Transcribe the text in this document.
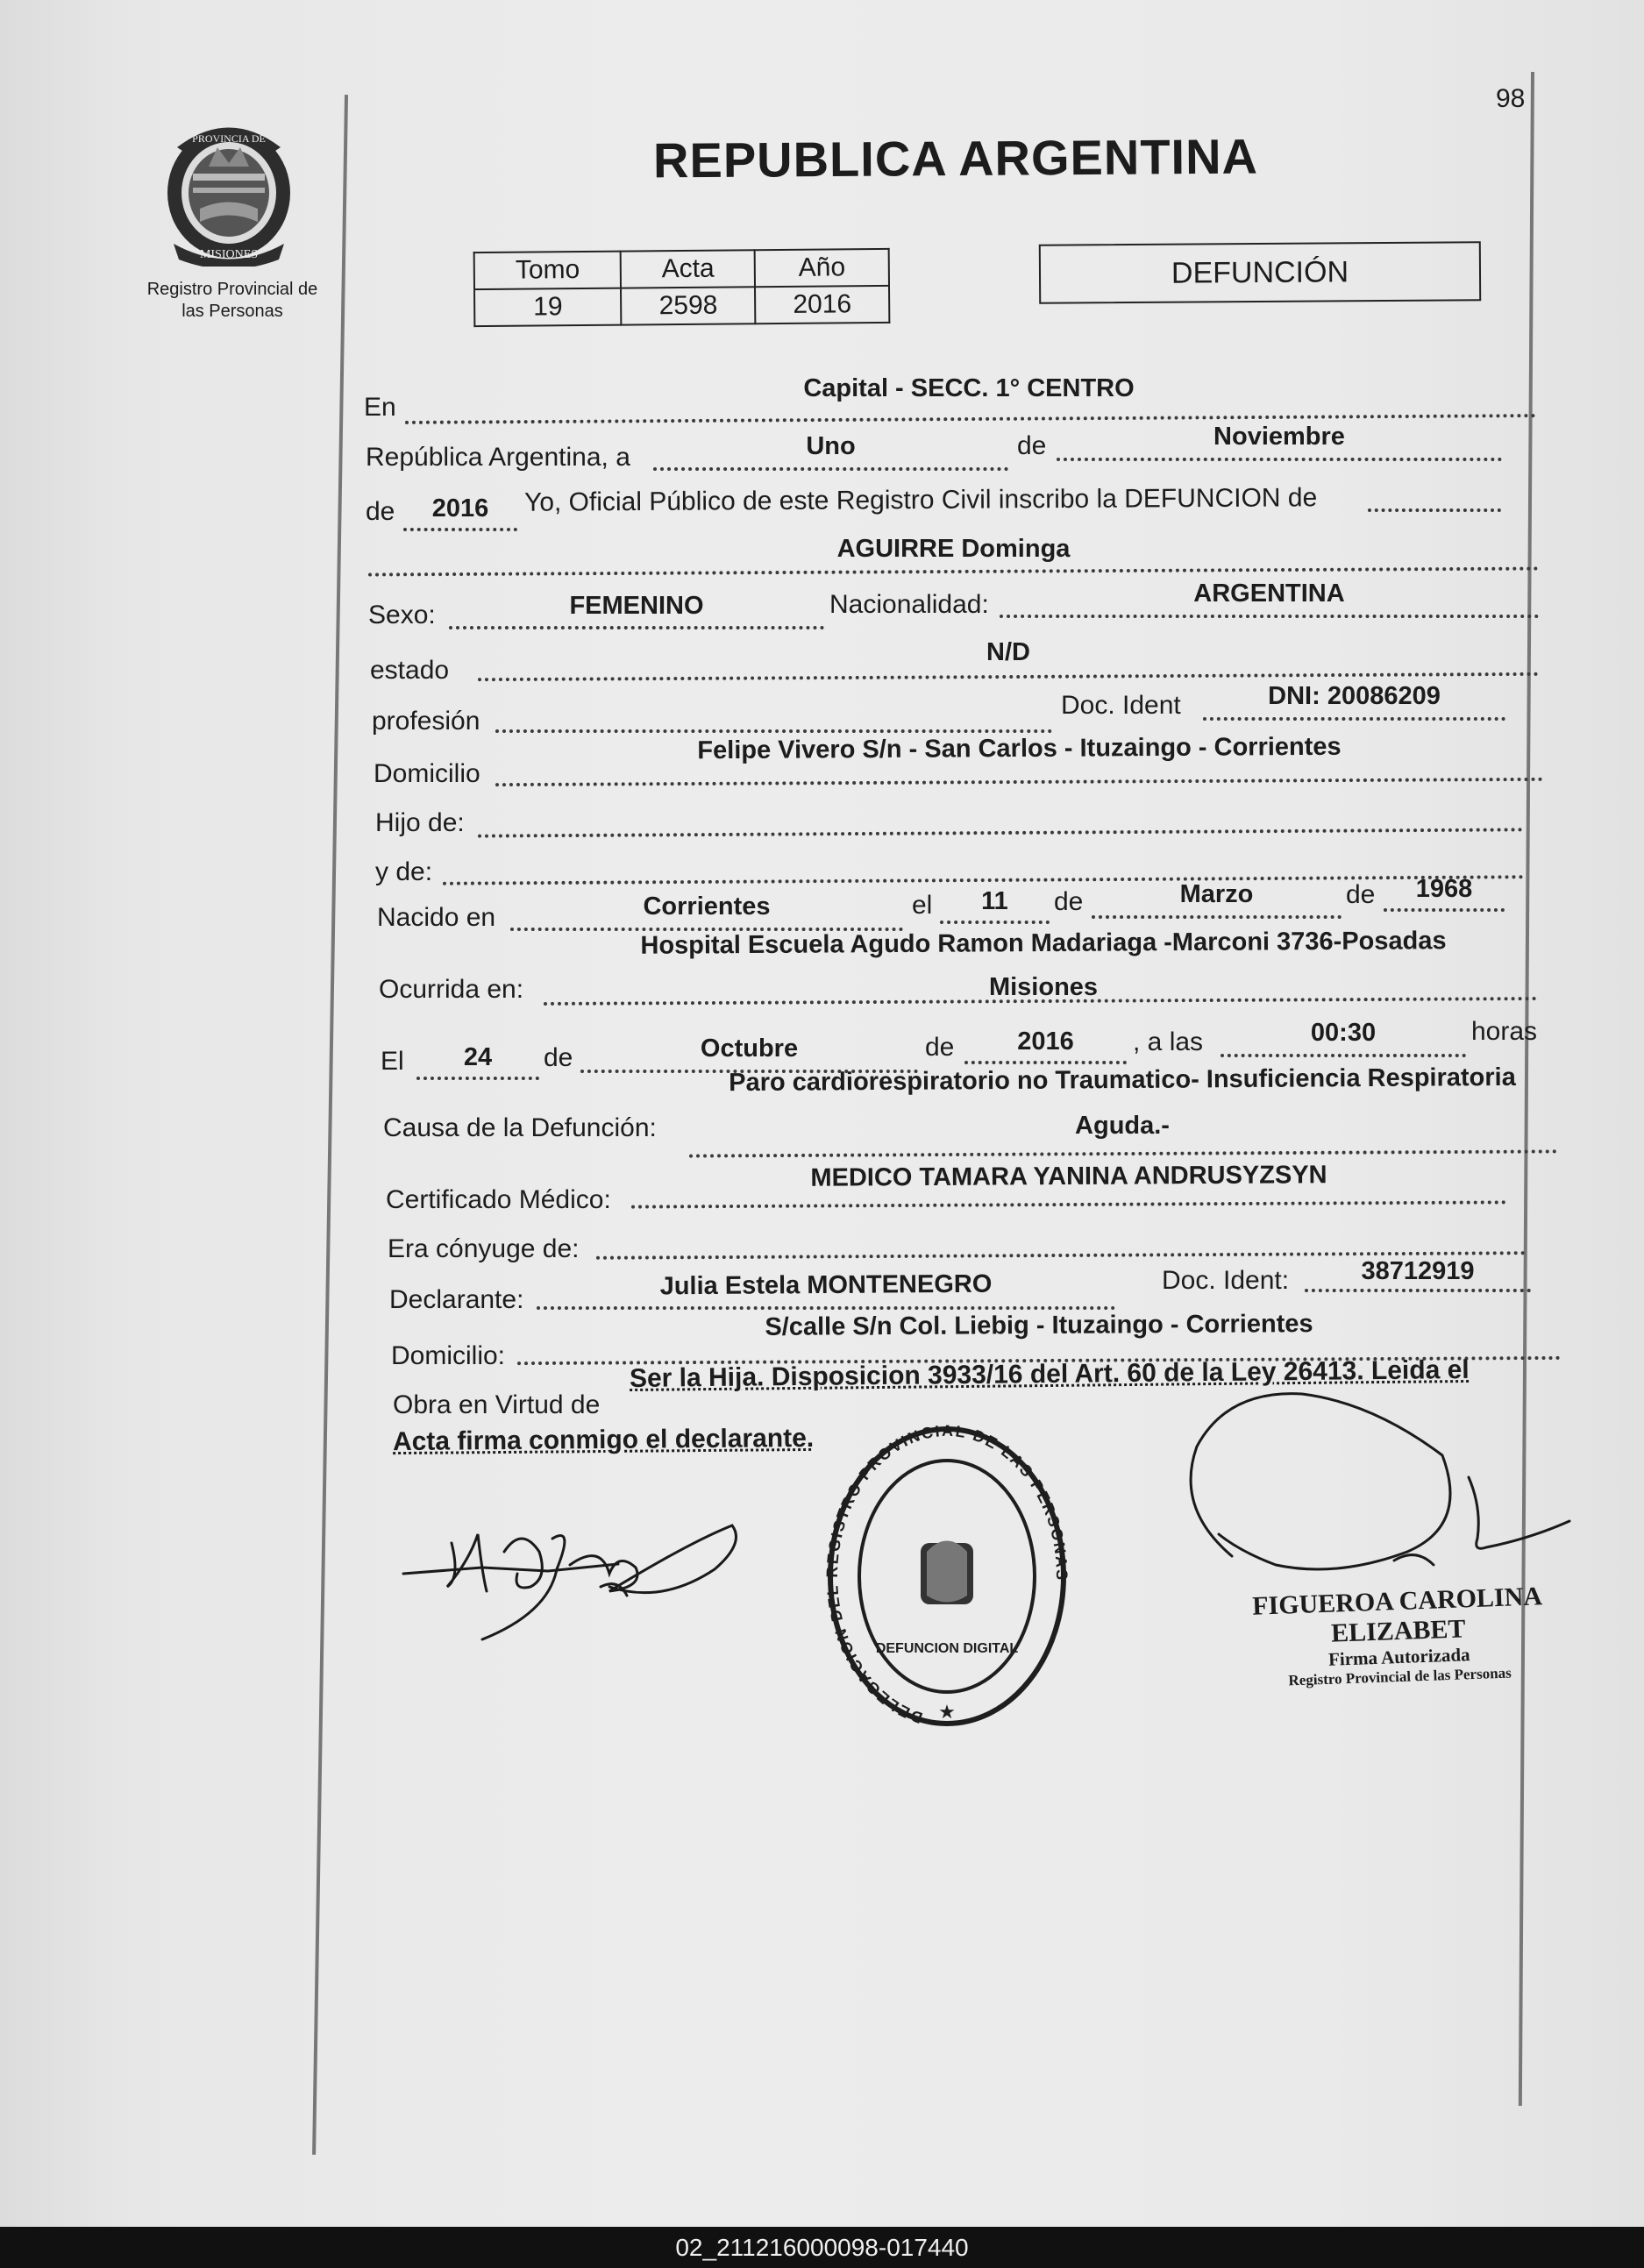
98
PROVINCIA DE
MISIONES
Registro Provincial de
las Personas
REPUBLICA ARGENTINA
Tomo	Acta	Año
19	2598	2016
DEFUNCIÓN
En
Capital - SECC. 1° CENTRO
República Argentina, a	Uno	de	Noviembre
de	2016	Yo, Oficial Público de este Registro Civil inscribo la DEFUNCION de
AGUIRRE Dominga
Sexo:	FEMENINO	Nacionalidad:	ARGENTINA
estado
N/D
profesión
Doc. Ident	DNI: 20086209
Domicilio
Felipe Vivero S/n - San Carlos - Ituzaingo - Corrientes
Hijo de:
y de:
Nacido en	Corrientes	el	11	de	Marzo	de	1968
Ocurrida en:
Hospital Escuela Agudo Ramon Madariaga -Marconi 3736-Posadas
Misiones
El	24	de	Octubre	de	2016	, a las	00:30	horas
Causa de la Defunción:
Paro cardiorespiratorio no Traumatico- Insuficiencia Respiratoria
Aguda.-
Certificado Médico:
MEDICO TAMARA YANINA ANDRUSYZSYN
Era cónyuge de:
Declarante:	Julia Estela MONTENEGRO	Doc. Ident:	38712919
Domicilio:
S/calle S/n Col. Liebig - Ituzaingo - Corrientes
Obra en Virtud de
Ser la Hija. Disposicion 3933/16 del Art. 60 de la Ley 26413. Leida el
Acta firma conmigo el declarante.
DELEGACION DEL REGISTRO PROVINCIAL DE LAS PERSONAS
DEFUNCION DIGITAL
★
FIGUEROA CAROLINA ELIZABET
Firma Autorizada
Registro Provincial de las Personas
02_211216000098-017440
